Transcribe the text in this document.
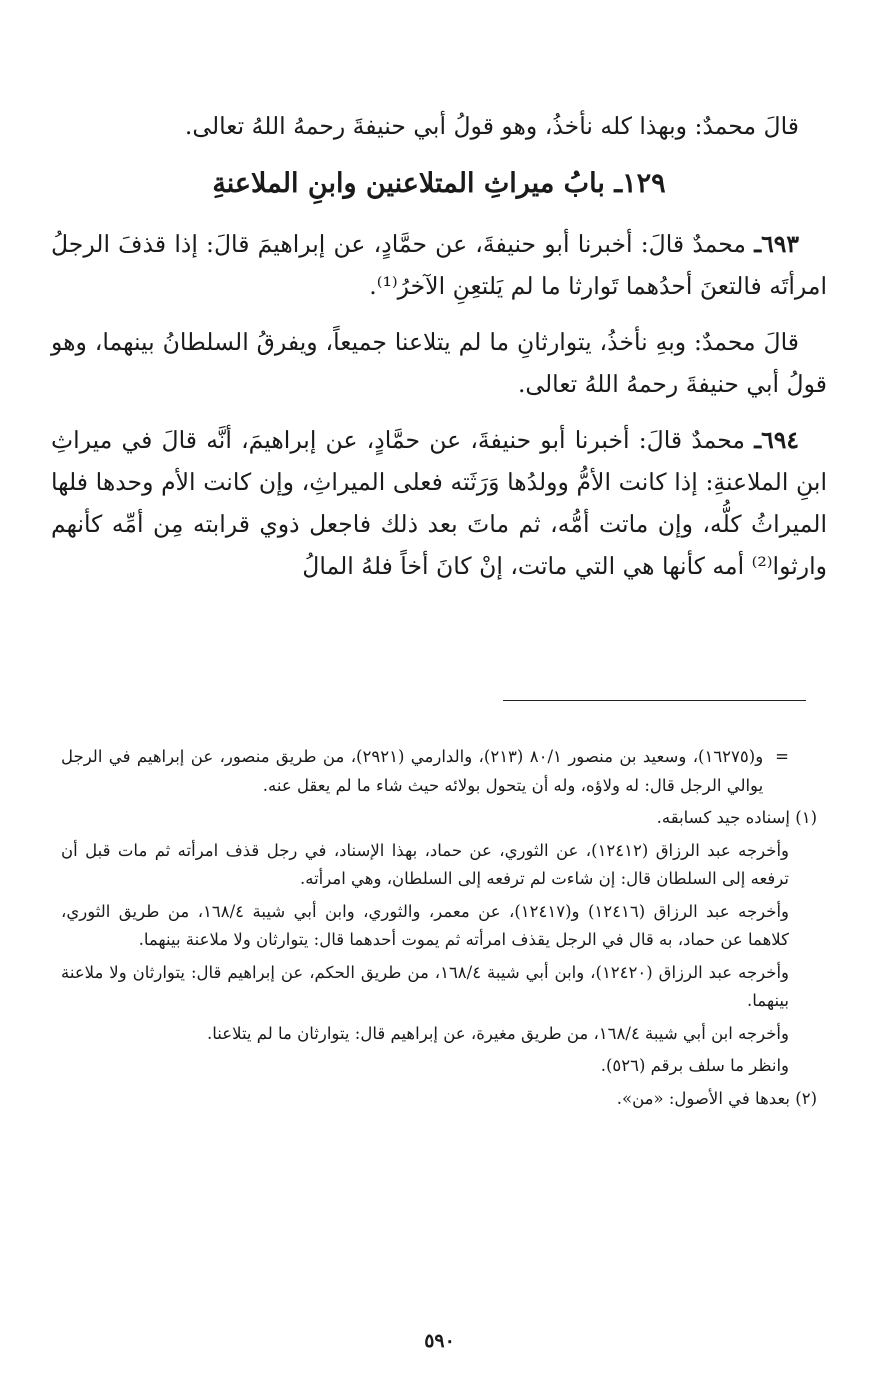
قالَ محمدٌ: وبهذا كله نأخذُ، وهو قولُ أبي حنيفةَ رحمهُ اللهُ تعالى.

١٢٩ـ بابُ ميراثِ المتلاعنين وابنِ الملاعنةِ

٦٩٣ـ محمدٌ قالَ: أخبرنا أبو حنيفةَ، عن حمَّادٍ، عن إبراهيمَ قالَ: إذا قذفَ الرجلُ امرأتَه فالتعنَ أحدُهما تَوارثا ما لم يَلتعِنِ الآخرُ⁽¹⁾.

قالَ محمدٌ: وبهِ نأخذُ، يتوارثانِ ما لم يتلاعنا جميعاً، ويفرقُ السلطانُ بينهما، وهو قولُ أبي حنيفةَ رحمهُ اللهُ تعالى.

٦٩٤ـ محمدٌ قالَ: أخبرنا أبو حنيفةَ، عن حمَّادٍ، عن إبراهيمَ، أنَّه قالَ في ميراثِ ابنِ الملاعنةِ: إذا كانت الأمُّ وولدُها وَرَثَته فعلى الميراثِ، وإن كانت الأم وحدها فلها الميراثُ كلُّه، وإن ماتت أمُّه، ثم ماتَ بعد ذلك فاجعل ذوي قرابته مِن أمِّه كأنهم وارثوا⁽²⁾ أمه كأنها هي التي ماتت، إنْ كانَ أخاً فلهُ المالُ

=
و(١٦٢٧٥)، وسعيد بن منصور ٨٠/١ (٢١٣)، والدارمي (٢٩٢١)، من طريق منصور، عن إبراهيم في الرجل يوالي الرجل قال: له ولاؤه، وله أن يتحول بولائه حيث شاء ما لم يعقل عنه.
(١) إسناده جيد كسابقه.
وأخرجه عبد الرزاق (١٢٤١٢)، عن الثوري، عن حماد، بهذا الإسناد، في رجل قذف امرأته ثم مات قبل أن ترفعه إلى السلطان قال: إن شاءت لم ترفعه إلى السلطان، وهي امرأته.
وأخرجه عبد الرزاق (١٢٤١٦) و(١٢٤١٧)، عن معمر، والثوري، وابن أبي شيبة ١٦٨/٤، من طريق الثوري، كلاهما عن حماد، به قال في الرجل يقذف امرأته ثم يموت أحدهما قال: يتوارثان ولا ملاعنة بينهما.
وأخرجه عبد الرزاق (١٢٤٢٠)، وابن أبي شيبة ١٦٨/٤، من طريق الحكم، عن إبراهيم قال: يتوارثان ولا ملاعنة بينهما.
وأخرجه ابن أبي شيبة ١٦٨/٤، من طريق مغيرة، عن إبراهيم قال: يتوارثان ما لم يتلاعنا.
وانظر ما سلف برقم (٥٢٦).
(٢) بعدها في الأصول: «من».
٥٩٠
